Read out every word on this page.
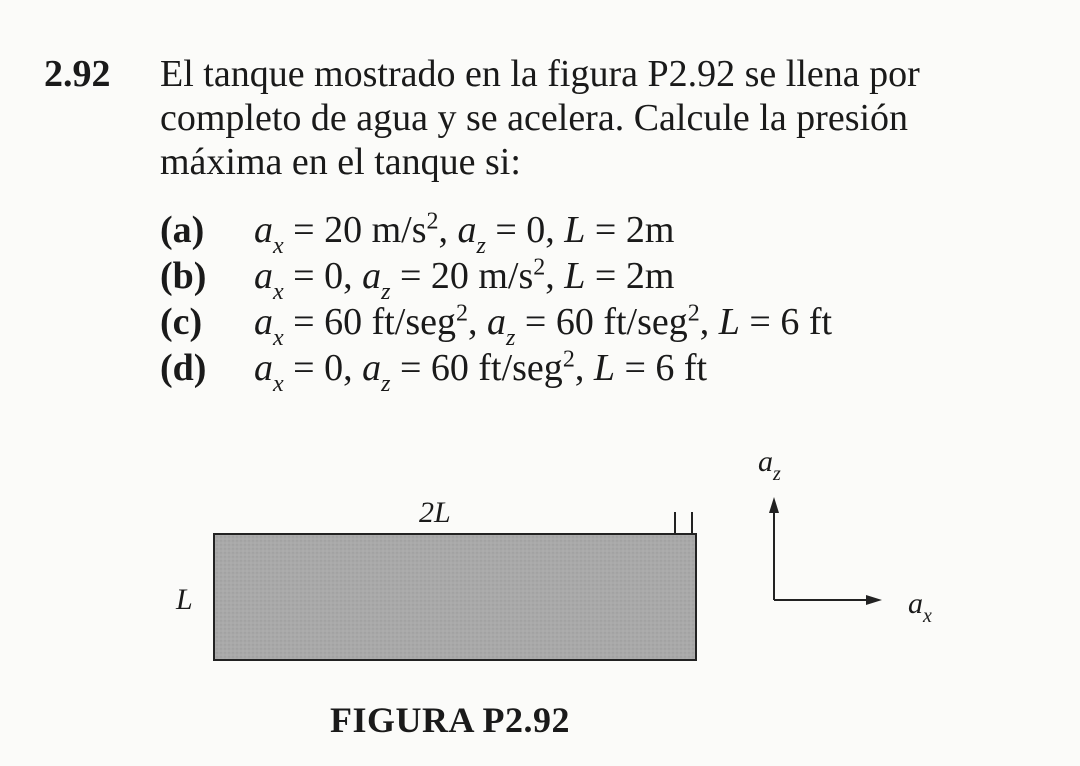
2.92 El tanque mostrado en la figura P2.92 se llena por
completo de agua y se acelera. Calcule la presión
máxima en el tanque si:
(a) $a_x = 20$ $m/s^2$, $a_z = 0$, L = 2m
(b) $a_x = 0$, $a_z = 20$ $m/s^2$, L = 2m
(c) $a_x = 60$ ft/seg$^2$, $a_z = 60$ ft/seg$^2$, L = 6 ft
(d) $a_x = 0$, $a_z = 60$ ft/seg$^2$, L = 6 ft
2L
L
$a_z$
$a_x$
FIGURA P2.92
